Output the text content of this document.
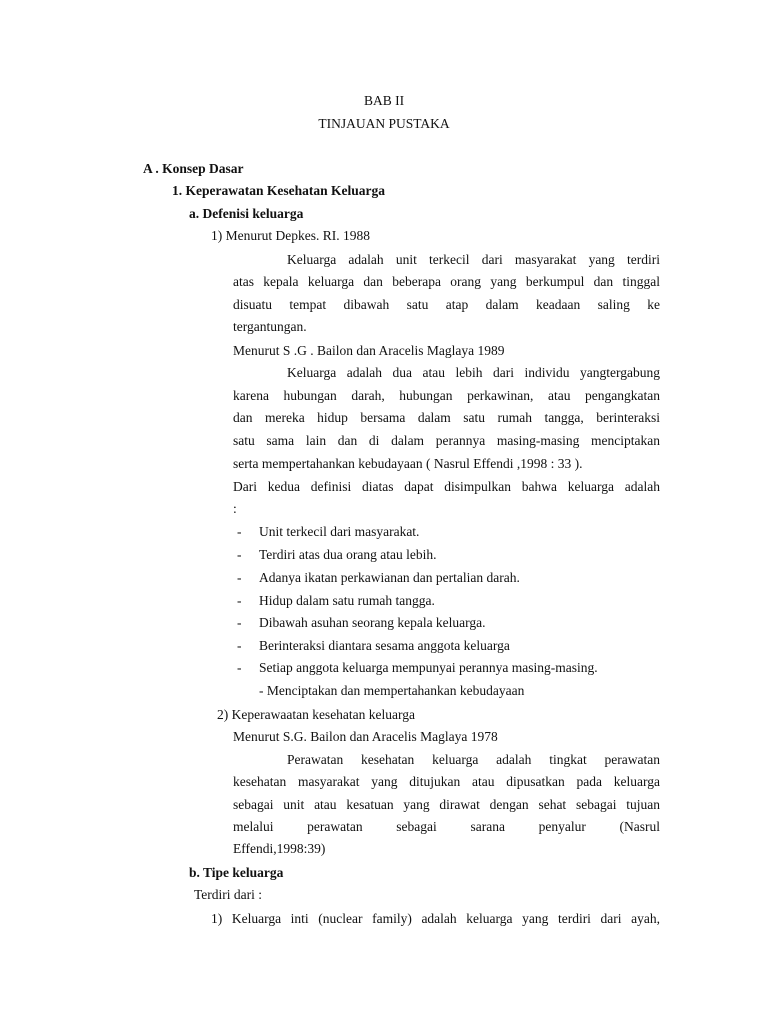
BAB II
TINJAUAN PUSTAKA
A . Konsep Dasar
1. Keperawatan Kesehatan Keluarga
a. Defenisi keluarga
1) Menurut Depkes. RI. 1988
Keluarga adalah unit terkecil dari masyarakat yang terdiri
atas kepala keluarga dan beberapa orang yang berkumpul dan tinggal
disuatu tempat dibawah satu atap dalam keadaan saling ke
tergantungan.
Menurut S .G . Bailon dan Aracelis Maglaya 1989
Keluarga adalah dua atau lebih dari individu yangtergabung
karena hubungan darah, hubungan perkawinan, atau pengangkatan
dan mereka hidup bersama dalam satu rumah tangga, berinteraksi
satu sama lain dan di dalam perannya masing-masing menciptakan
serta mempertahankan kebudayaan ( Nasrul Effendi ,1998 : 33 ).
Dari kedua definisi diatas dapat disimpulkan bahwa keluarga adalah
:
- Unit terkecil dari masyarakat.
- Terdiri atas dua orang atau lebih.
- Adanya ikatan perkawianan dan pertalian darah.
- Hidup dalam satu rumah tangga.
- Dibawah asuhan seorang kepala keluarga.
- Berinteraksi diantara sesama anggota keluarga
- Setiap anggota keluarga mempunyai perannya masing-masing.
- Menciptakan dan mempertahankan kebudayaan
2) Keperawaatan kesehatan keluarga
Menurut S.G. Bailon dan Aracelis Maglaya 1978
Perawatan kesehatan keluarga adalah tingkat perawatan
kesehatan masyarakat yang ditujukan atau dipusatkan pada keluarga
sebagai unit atau kesatuan yang dirawat dengan sehat sebagai tujuan
melalui perawatan sebagai sarana penyalur (Nasrul
Effendi,1998:39)
b. Tipe keluarga
Terdiri dari :
1) Keluarga inti (nuclear family) adalah keluarga yang terdiri dari ayah,
